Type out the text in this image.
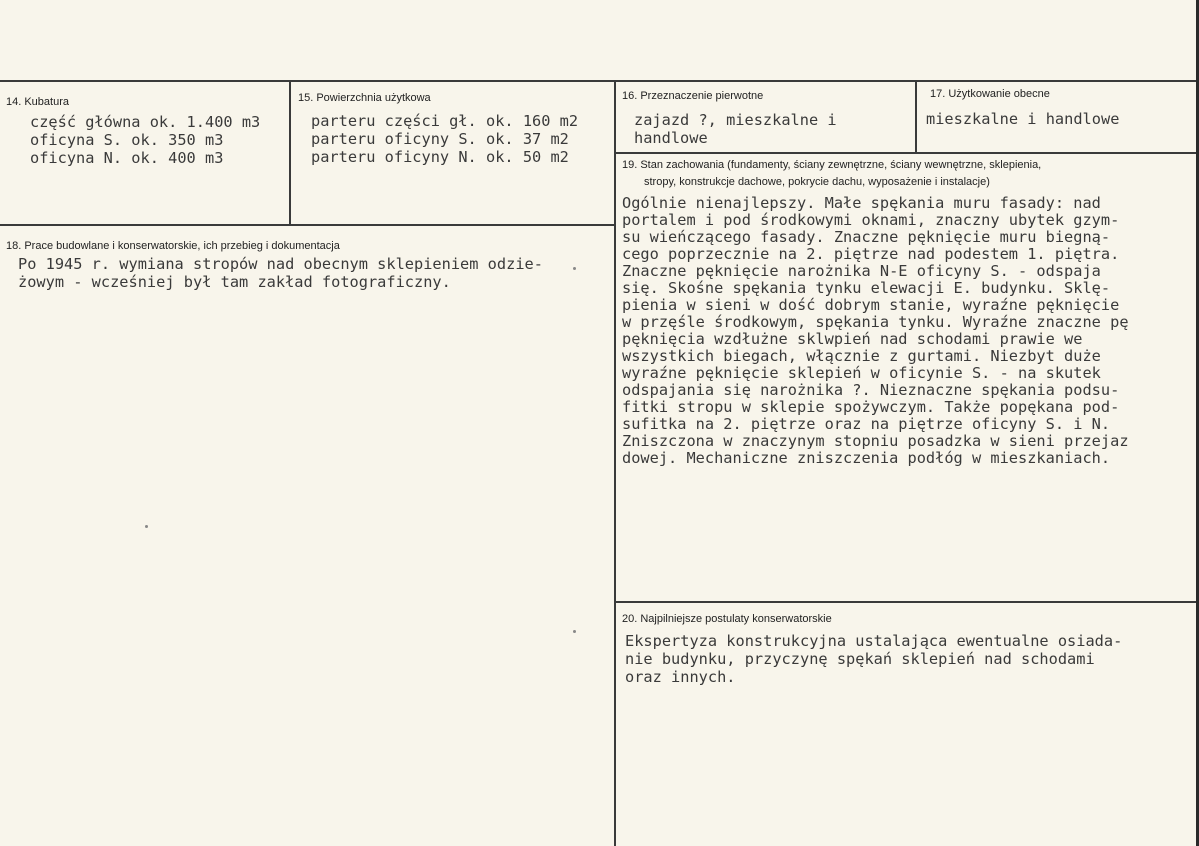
14. Kubatura
część główna ok. 1.400 m3
oficyna S. ok. 350 m3
oficyna N. ok. 400 m3
15. Powierzchnia użytkowa
parteru części gł. ok. 160 m2
parteru oficyny S. ok. 37 m2
parteru oficyny N. ok. 50 m2
16. Przeznaczenie pierwotne
zajazd ?, mieszkalne i
handlowe
17. Użytkowanie obecne
mieszkalne i handlowe
18. Prace budowlane i konserwatorskie, ich przebieg i dokumentacja
Po 1945 r. wymiana stropów nad obecnym sklepieniem odzie-
żowym - wcześniej był tam zakład fotograficzny.
19. Stan zachowania (fundamenty, ściany zewnętrzne, ściany wewnętrzne, sklepienia,
stropy, konstrukcje dachowe, pokrycie dachu, wyposażenie i instalacje)
Ogólnie nienajlepszy. Małe spękania muru fasady: nad
portalem i pod środkowymi oknami, znaczny ubytek gzym-
su wieńczącego fasady. Znaczne pęknięcie muru biegną-
cego poprzecznie na 2. piętrze nad podestem 1. piętra.
Znaczne pęknięcie narożnika N-E oficyny S. - odspaja
się. Skośne spękania tynku elewacji E. budynku. Sklę-
pienia w sieni w dość dobrym stanie, wyraźne pęknięcie
w przęśle środkowym, spękania tynku. Wyraźne znaczne pę
pęknięcia wzdłużne sklwpień nad schodami prawie we
wszystkich biegach, włącznie z gurtami. Niezbyt duże
wyraźne pęknięcie sklepień w oficynie S. - na skutek
odspajania się narożnika ?. Nieznaczne spękania podsu-
fitki stropu w sklepie spożywczym. Także popękana pod-
sufitka na 2. piętrze oraz na piętrze oficyny S. i N.
Zniszczona w znaczynym stopniu posadzka w sieni przejaz
dowej. Mechaniczne zniszczenia podłóg w mieszkaniach.
20. Najpilniejsze postulaty konserwatorskie
Ekspertyza konstrukcyjna ustalająca ewentualne osiada-
nie budynku, przyczynę spękań sklepień nad schodami
oraz innych.
